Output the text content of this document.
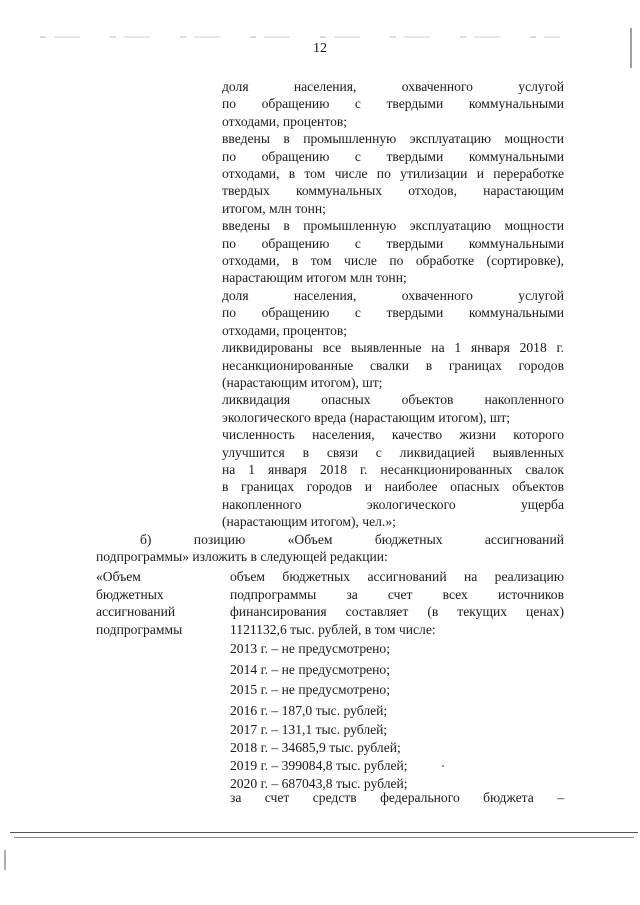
12
доля населения, охваченного услугой
по обращению с твердыми коммунальными
отходами, процентов;
введены в промышленную эксплуатацию мощности
по обращению с твердыми коммунальными
отходами, в том числе по утилизации и переработке
твердых коммунальных отходов, нарастающим
итогом, млн тонн;
введены в промышленную эксплуатацию мощности
по обращению с твердыми коммунальными
отходами, в том числе по обработке (сортировке),
нарастающим итогом млн тонн;
доля населения, охваченного услугой
по обращению с твердыми коммунальными
отходами, процентов;
ликвидированы все выявленные на 1 января 2018 г.
несанкционированные свалки в границах городов
(нарастающим итогом), шт;
ликвидация опасных объектов накопленного
экологического вреда (нарастающим итогом), шт;
численность населения, качество жизни которого
улучшится в связи с ликвидацией выявленных
на 1 января 2018 г. несанкционированных свалок
в границах городов и наиболее опасных объектов
накопленного экологического ущерба
(нарастающим итогом), чел.»;
б) позицию «Объем бюджетных ассигнований
подпрограммы» изложить в следующей редакции:
«Объем
бюджетных
ассигнований
подпрограммы
объем бюджетных ассигнований на реализацию
подпрограммы за счет всех источников
финансирования составляет (в текущих ценах)
1121132,6 тыс. рублей, в том числе:
2013 г. – не предусмотрено;
2014 г. – не предусмотрено;
2015 г. – не предусмотрено;
2016 г. – 187,0 тыс. рублей;
2017 г. – 131,1 тыс. рублей;
2018 г. – 34685,9 тыс. рублей;
2019 г. – 399084,8 тыс. рублей;
2020 г. – 687043,8 тыс. рублей;
за счет средств федерального бюджета –
